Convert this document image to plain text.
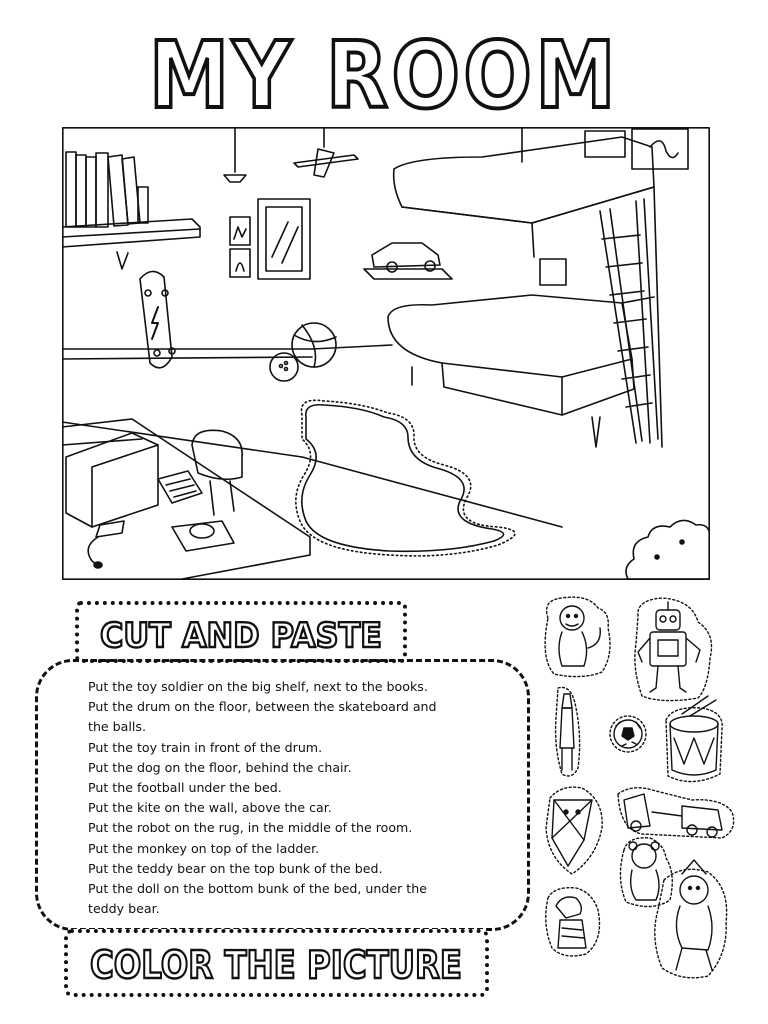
MY ROOM
CUT AND PASTE
Put the toy soldier on the big shelf, next to the books.
Put the drum on the floor, between the skateboard and
the balls.
Put the toy train in front of the drum.
Put the dog on the floor, behind the chair.
Put the football under the bed.
Put the kite on the wall, above the car.
Put the robot on the rug, in the middle of the room.
Put the monkey on top of the ladder.
Put the teddy bear on the top bunk of the bed.
Put the doll on the bottom bunk of the bed, under the
teddy bear.
COLOR THE PICTURE
